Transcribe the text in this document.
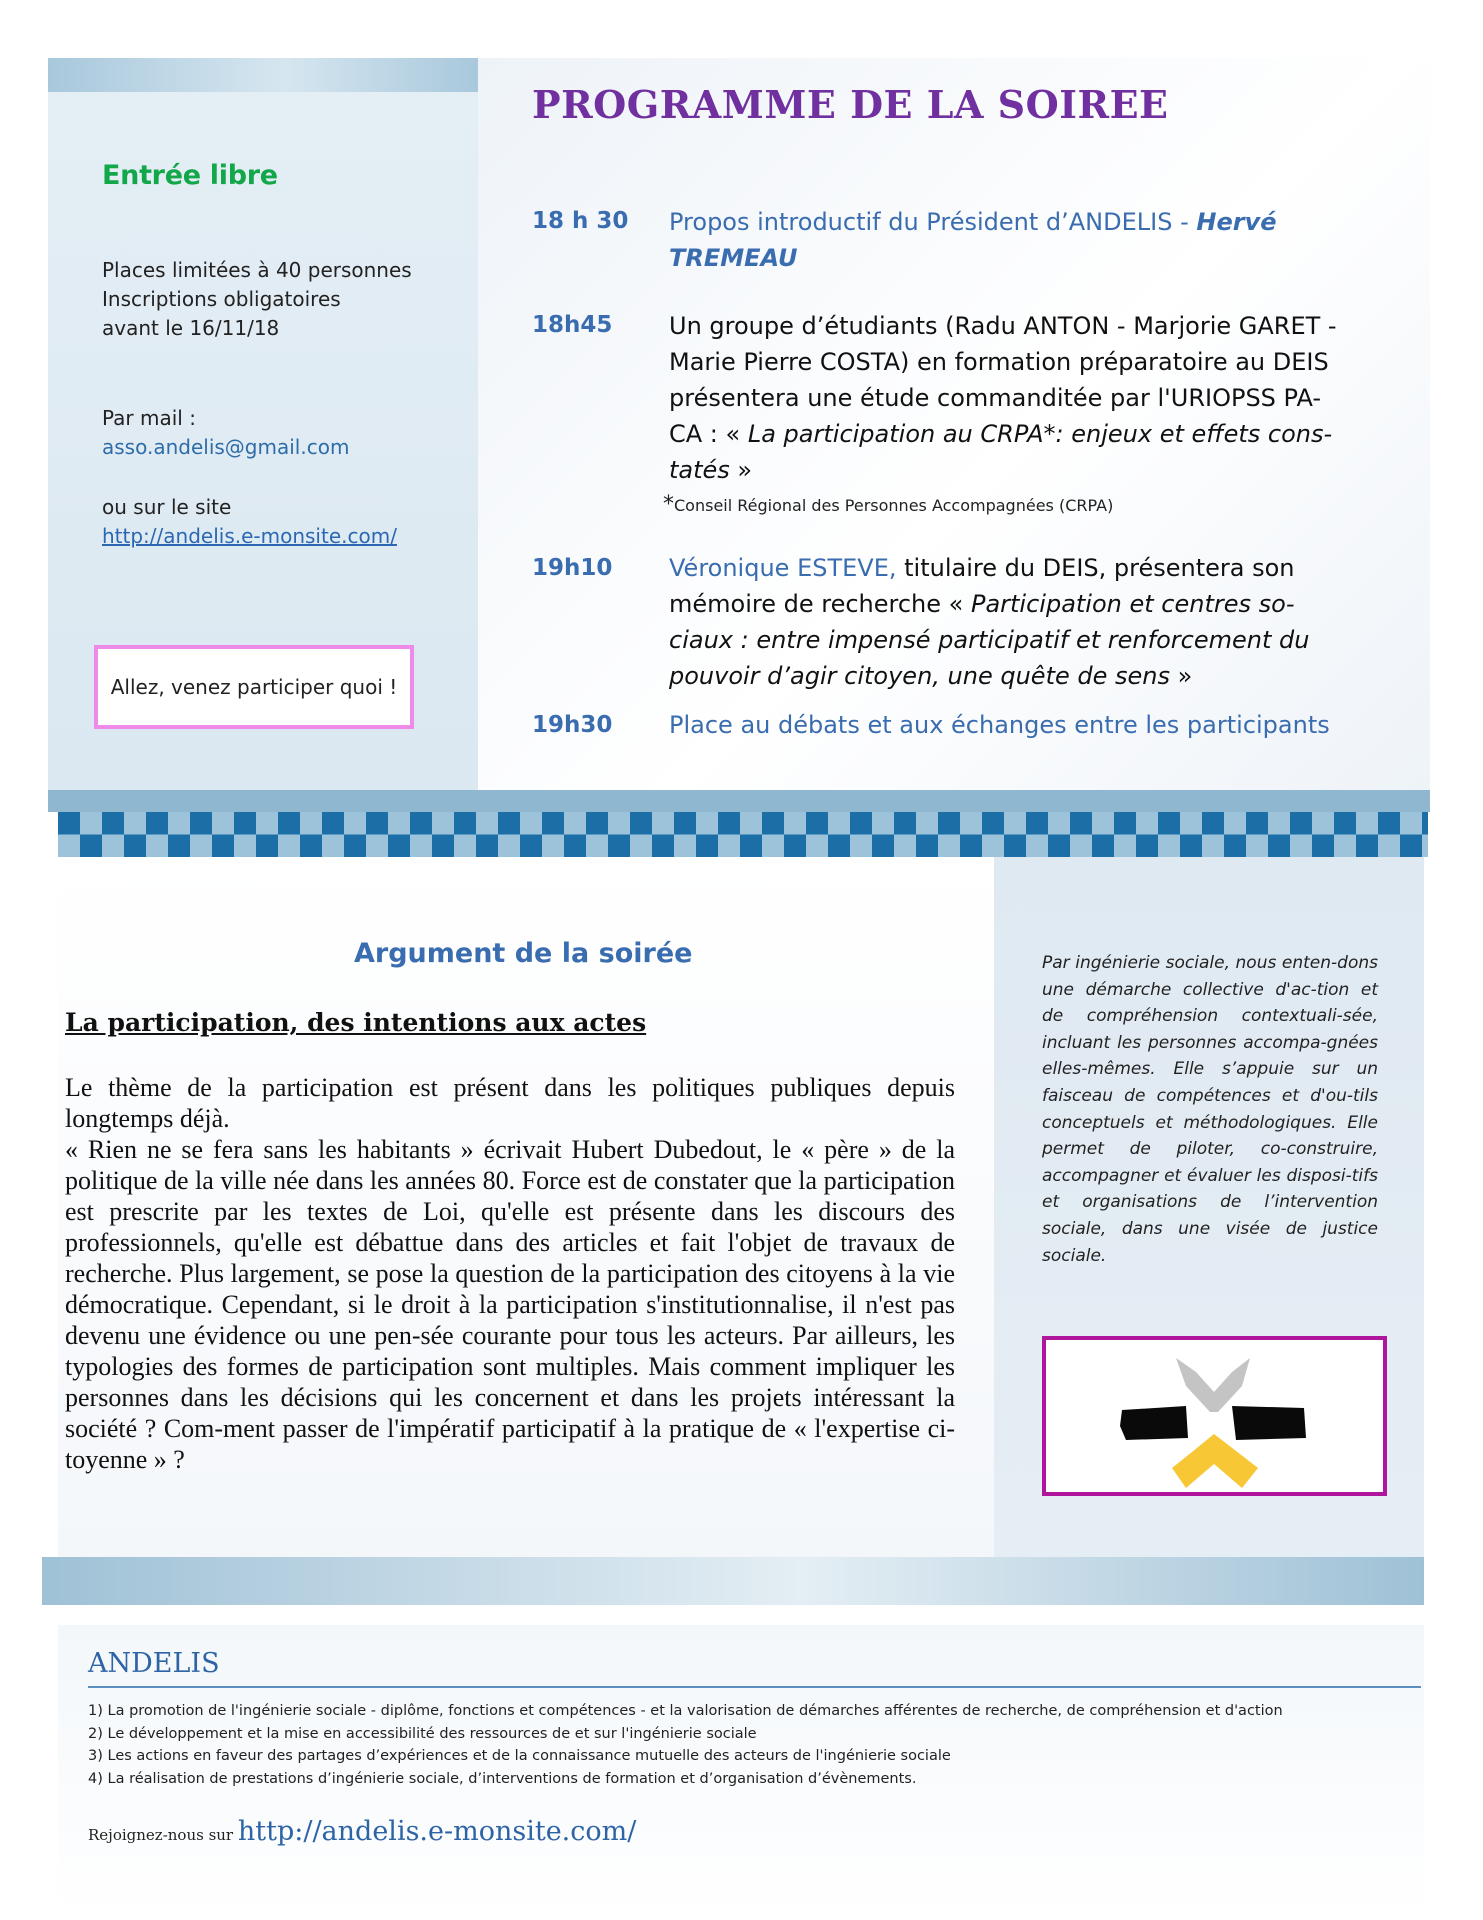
Entrée libre
Places limitées à 40 personnes
Inscriptions obligatoires
avant le 16/11/18
Par mail :
asso.andelis@gmail.com
ou sur le site
http://andelis.e-monsite.com/
Allez, venez participer quoi !
PROGRAMME DE LA SOIREE
18 h 30 Propos introductif du Président d’ANDELIS - Hervé TREMEAU
18h45 Un groupe d’étudiants (Radu ANTON - Marjorie GARET - Marie Pierre COSTA) en formation préparatoire au DEIS présentera une étude commanditée par l'URIOPSS PA-CA : « La participation au CRPA*: enjeux et effets cons-tatés »
*Conseil Régional des Personnes Accompagnées (CRPA)
19h10 Véronique ESTEVE, titulaire du DEIS, présentera son mémoire de recherche « Participation et centres so-ciaux : entre impensé participatif et renforcement du pouvoir d’agir citoyen, une quête de sens »
19h30 Place au débats et aux échanges entre les participants
Argument de la soirée
La participation, des intentions aux actes

Le thème de la participation est présent dans les politiques publiques depuis longtemps déjà.

« Rien ne se fera sans les habitants » écrivait Hubert Dubedout, le « père » de la politique de la ville née dans les années 80. Force est de constater que la participation est prescrite par les textes de Loi, qu'elle est présente dans les discours des professionnels, qu'elle est débattue dans des articles et fait l'objet de travaux de recherche. Plus largement, se pose la question de la participation des citoyens à la vie démocratique. Cependant, si le droit à la participation s'institutionnalise, il n'est pas devenu une évidence ou une pen-sée courante pour tous les acteurs. Par ailleurs, les typologies des formes de participation sont multiples. Mais comment impliquer les personnes dans les décisions qui les concernent et dans les projets intéressant la société ? Com-ment passer de l'impératif participatif à la pratique de « l'expertise ci-toyenne » ?

Par ingénierie sociale, nous enten-dons une démarche collective d'ac-tion et de compréhension contextuali-sée, incluant les personnes accompa-gnées elles-mêmes. Elle s’appuie sur un faisceau de compétences et d'ou-tils conceptuels et méthodologiques. Elle permet de piloter, co-construire, accompagner et évaluer les disposi-tifs et organisations de l’intervention sociale, dans une visée de justice sociale.
ANDELIS
1) La promotion de l'ingénierie sociale - diplôme, fonctions et compétences - et la valorisation de démarches afférentes de recherche, de compréhension et d'action
2) Le développement et la mise en accessibilité des ressources de et sur l'ingénierie sociale
3) Les actions en faveur des partages d’expériences et de la connaissance mutuelle des acteurs de l'ingénierie sociale
4) La réalisation de prestations d’ingénierie sociale, d’interventions de formation et d’organisation d’évènements.
Rejoignez-nous sur http://andelis.e-monsite.com/
